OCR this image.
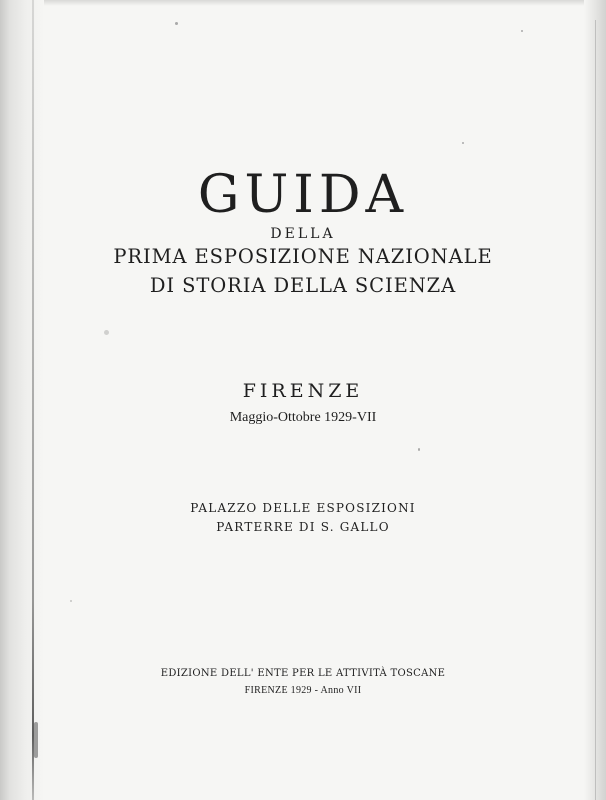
GUIDA

DELLA

PRIMA ESPOSIZIONE NAZIONALE

DI STORIA DELLA SCIENZA

FIRENZE

Maggio-Ottobre 1929-VII

PALAZZO DELLE ESPOSIZIONI

PARTERRE DI S. GALLO

EDIZIONE DELL' ENTE PER LE ATTIVITÀ TOSCANE

FIRENZE 1929 - Anno VII
